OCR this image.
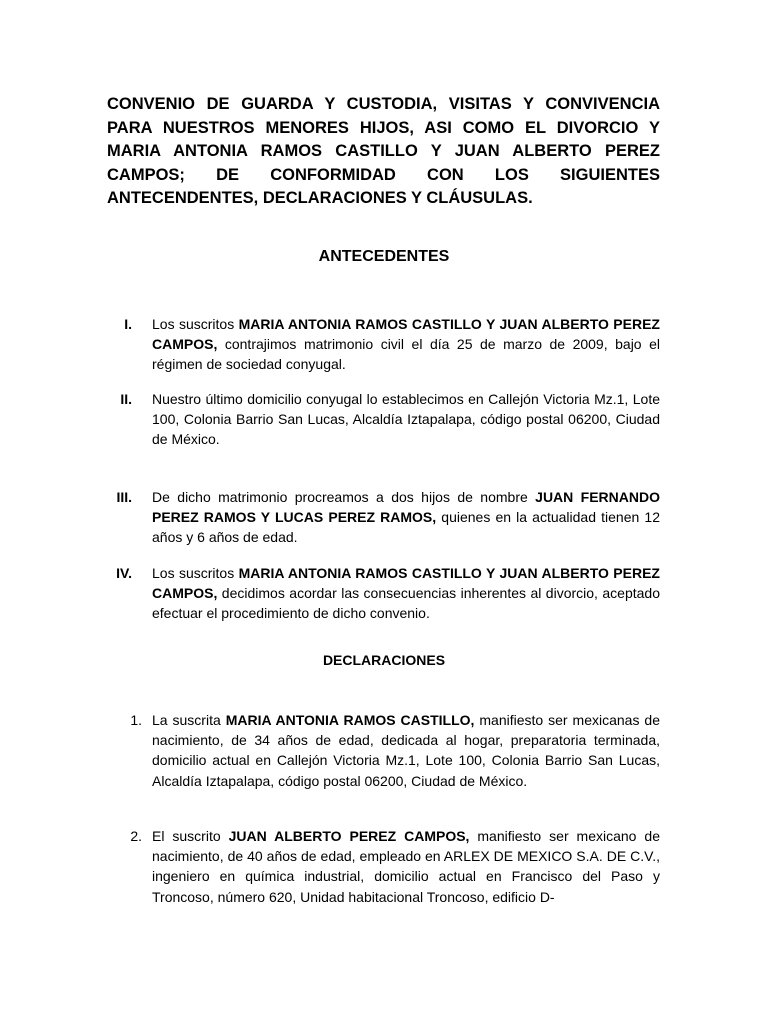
CONVENIO DE GUARDA Y CUSTODIA, VISITAS Y CONVIVENCIA PARA NUESTROS MENORES HIJOS, ASI COMO EL DIVORCIO Y MARIA ANTONIA RAMOS CASTILLO Y JUAN ALBERTO PEREZ CAMPOS; DE CONFORMIDAD CON LOS SIGUIENTES ANTECENDENTES, DECLARACIONES Y CLÁUSULAS.

ANTECEDENTES

I. Los suscritos MARIA ANTONIA RAMOS CASTILLO Y JUAN ALBERTO PEREZ CAMPOS, contrajimos matrimonio civil el día 25 de marzo de 2009, bajo el régimen de sociedad conyugal.

II. Nuestro último domicilio conyugal lo establecimos en Callejón Victoria Mz.1, Lote 100, Colonia Barrio San Lucas, Alcaldía Iztapalapa, código postal 06200, Ciudad de México.

III. De dicho matrimonio procreamos a dos hijos de nombre JUAN FERNANDO PEREZ RAMOS Y LUCAS PEREZ RAMOS, quienes en la actualidad tienen 12 años y 6 años de edad.

IV. Los suscritos MARIA ANTONIA RAMOS CASTILLO Y JUAN ALBERTO PEREZ CAMPOS, decidimos acordar las consecuencias inherentes al divorcio, aceptado efectuar el procedimiento de dicho convenio.

DECLARACIONES

1. La suscrita MARIA ANTONIA RAMOS CASTILLO, manifiesto ser mexicanas de nacimiento, de 34 años de edad, dedicada al hogar, preparatoria terminada, domicilio actual en Callejón Victoria Mz.1, Lote 100, Colonia Barrio San Lucas, Alcaldía Iztapalapa, código postal 06200, Ciudad de México.

2. El suscrito JUAN ALBERTO PEREZ CAMPOS, manifiesto ser mexicano de nacimiento, de 40 años de edad, empleado en ARLEX DE MEXICO S.A. DE C.V., ingeniero en química industrial, domicilio actual en Francisco del Paso y Troncoso, número 620, Unidad habitacional Troncoso, edificio D-
